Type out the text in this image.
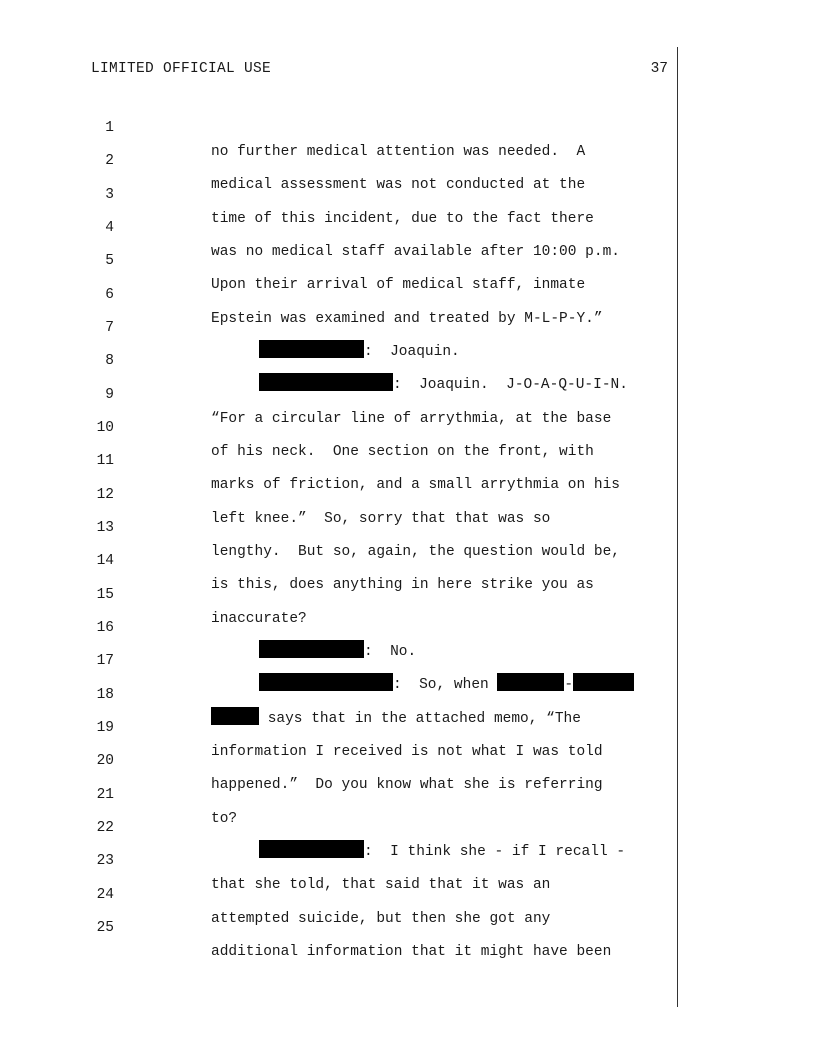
LIMITED OFFICIAL USE	37

1

no further medical attention was needed.  A

2

medical assessment was not conducted at the

3

time of this incident, due to the fact there

4

was no medical staff available after 10:00 p.m.

5

Upon their arrival of medical staff, inmate

6

Epstein was examined and treated by M-L-P-Y.”

7

:  Joaquin.

8

:  Joaquin.  J-O-A-Q-U-I-N.

9

“For a circular line of arrythmia, at the base

10

of his neck.  One section on the front, with

11

marks of friction, and a small arrythmia on his

12

left knee.”  So, sorry that that was so

13

lengthy.  But so, again, the question would be,

14

is this, does anything in here strike you as

15

inaccurate?

16

:  No.

17

:  So, when	-

18

says that in the attached memo, “The

19

information I received is not what I was told

20

happened.”  Do you know what she is referring

21

to?

22

:  I think she - if I recall -

23

that she told, that said that it was an

24

attempted suicide, but then she got any

25

additional information that it might have been
